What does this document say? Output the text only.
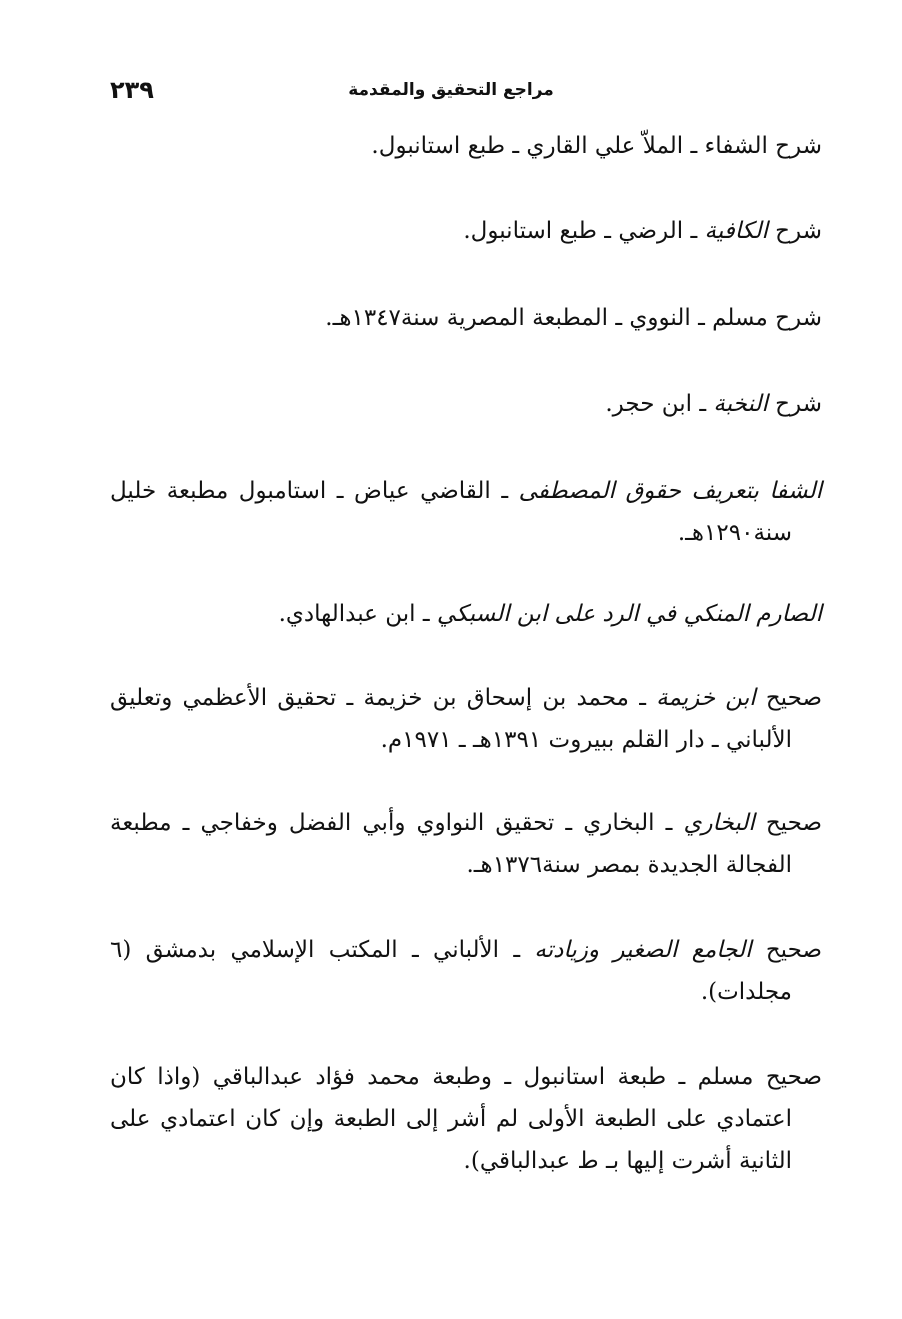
٢٣٩	مراجع التحقيق والمقدمة
شرح الشفاء ـ الملاّ علي القاري ـ طبع استانبول.
شرح الكافية ـ الرضي ـ طبع استانبول.
شرح مسلم ـ النووي ـ المطبعة المصرية سنة١٣٤٧هـ.
شرح النخبة ـ ابن حجر.
الشفا بتعريف حقوق المصطفى ـ القاضي عياض ـ استامبول مطبعة خليل سنة١٢٩٠هـ.
الصارم المنكي في الرد على ابن السبكي ـ ابن عبدالهادي.
صحيح ابن خزيمة ـ محمد بن إسحاق بن خزيمة ـ تحقيق الأعظمي وتعليق الألباني ـ دار القلم ببيروت ١٣٩١هـ ـ ١٩٧١م.
صحيح البخاري ـ البخاري ـ تحقيق النواوي وأبي الفضل وخفاجي ـ مطبعة الفجالة الجديدة بمصر سنة١٣٧٦هـ.
صحيح الجامع الصغير وزيادته ـ الألباني ـ المكتب الإسلامي بدمشق (٦ مجلدات).
صحيح مسلم ـ طبعة استانبول ـ وطبعة محمد فؤاد عبدالباقي (واذا كان اعتمادي على الطبعة الأولى لم أشر إلى الطبعة وإن كان اعتمادي على الثانية أشرت إليها بـ ط عبدالباقي).
